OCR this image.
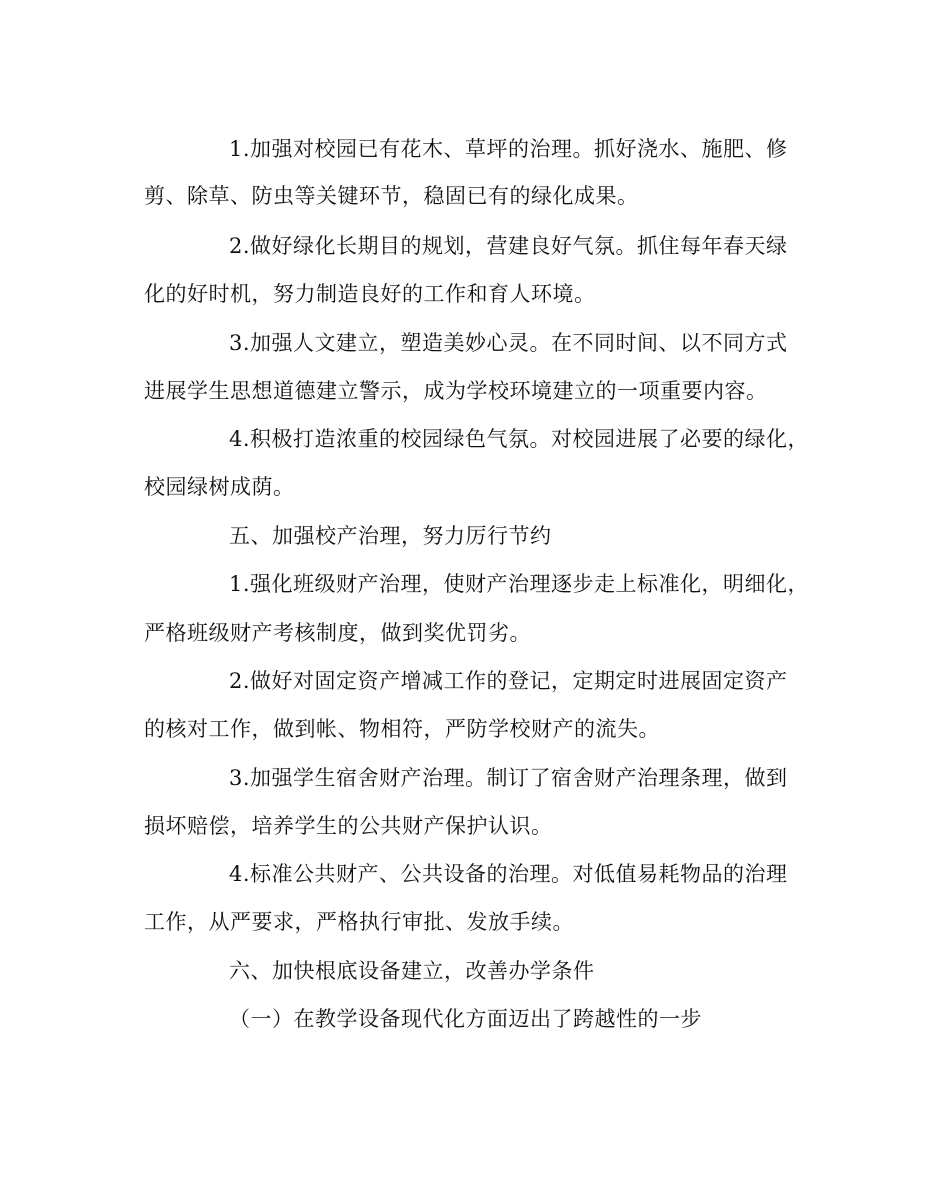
1.加强对校园已有花木、草坪的治理。抓好浇水、施肥、修
剪、除草、防虫等关键环节，稳固已有的绿化成果。
2.做好绿化长期目的规划，营建良好气氛。抓住每年春天绿
化的好时机，努力制造良好的工作和育人环境。
3.加强人文建立，塑造美妙心灵。在不同时间、以不同方式
进展学生思想道德建立警示，成为学校环境建立的一项重要内容。
4.积极打造浓重的校园绿色气氛。对校园进展了必要的绿化，
校园绿树成荫。
五、加强校产治理，努力厉行节约
1.强化班级财产治理，使财产治理逐步走上标准化，明细化，
严格班级财产考核制度，做到奖优罚劣。
2.做好对固定资产增减工作的登记，定期定时进展固定资产
的核对工作，做到帐、物相符，严防学校财产的流失。
3.加强学生宿舍财产治理。制订了宿舍财产治理条理，做到
损坏赔偿，培养学生的公共财产保护认识。
4.标准公共财产、公共设备的治理。对低值易耗物品的治理
工作，从严要求，严格执行审批、发放手续。
六、加快根底设备建立，改善办学条件
（一）在教学设备现代化方面迈出了跨越性的一步
